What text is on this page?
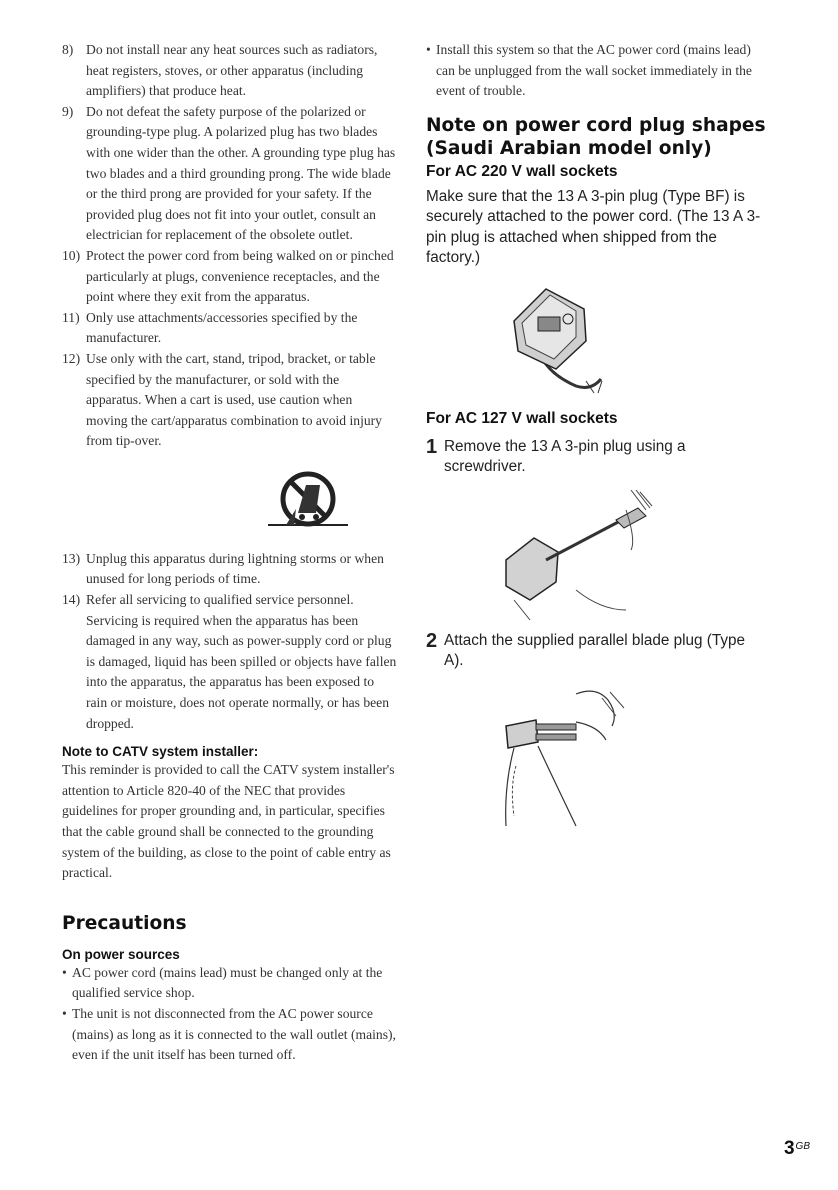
8) Do not install near any heat sources such as radiators, heat registers, stoves, or other apparatus (including amplifiers) that produce heat.
9) Do not defeat the safety purpose of the polarized or grounding-type plug. A polarized plug has two blades with one wider than the other. A grounding type plug has two blades and a third grounding prong. The wide blade or the third prong are provided for your safety. If the provided plug does not fit into your outlet, consult an electrician for replacement of the obsolete outlet.
10) Protect the power cord from being walked on or pinched particularly at plugs, convenience receptacles, and the point where they exit from the apparatus.
11) Only use attachments/accessories specified by the manufacturer.
12) Use only with the cart, stand, tripod, bracket, or table specified by the manufacturer, or sold with the apparatus. When a cart is used, use caution when moving the cart/apparatus combination to avoid injury from tip-over.
13) Unplug this apparatus during lightning storms or when unused for long periods of time.
14) Refer all servicing to qualified service personnel. Servicing is required when the apparatus has been damaged in any way, such as power-supply cord or plug is damaged, liquid has been spilled or objects have fallen into the apparatus, the apparatus has been exposed to rain or moisture, does not operate normally, or has been dropped.
Note to CATV system installer:
This reminder is provided to call the CATV system installer's attention to Article 820-40 of the NEC that provides guidelines for proper grounding and, in particular, specifies that the cable ground shall be connected to the grounding system of the building, as close to the point of cable entry as practical.
Precautions
On power sources
• AC power cord (mains lead) must be changed only at the qualified service shop.
• The unit is not disconnected from the AC power source (mains) as long as it is connected to the wall outlet (mains), even if the unit itself has been turned off.
• Install this system so that the AC power cord (mains lead) can be unplugged from the wall socket immediately in the event of trouble.
Note on power cord plug shapes (Saudi Arabian model only)
For AC 220 V wall sockets
Make sure that the 13 A 3-pin plug (Type BF) is securely attached to the power cord. (The 13 A 3-pin plug is attached when shipped from the factory.)
For AC 127 V wall sockets
1 Remove the 13 A 3-pin plug using a screwdriver.
2 Attach the supplied parallel blade plug (Type A).
$3^{GB}$
